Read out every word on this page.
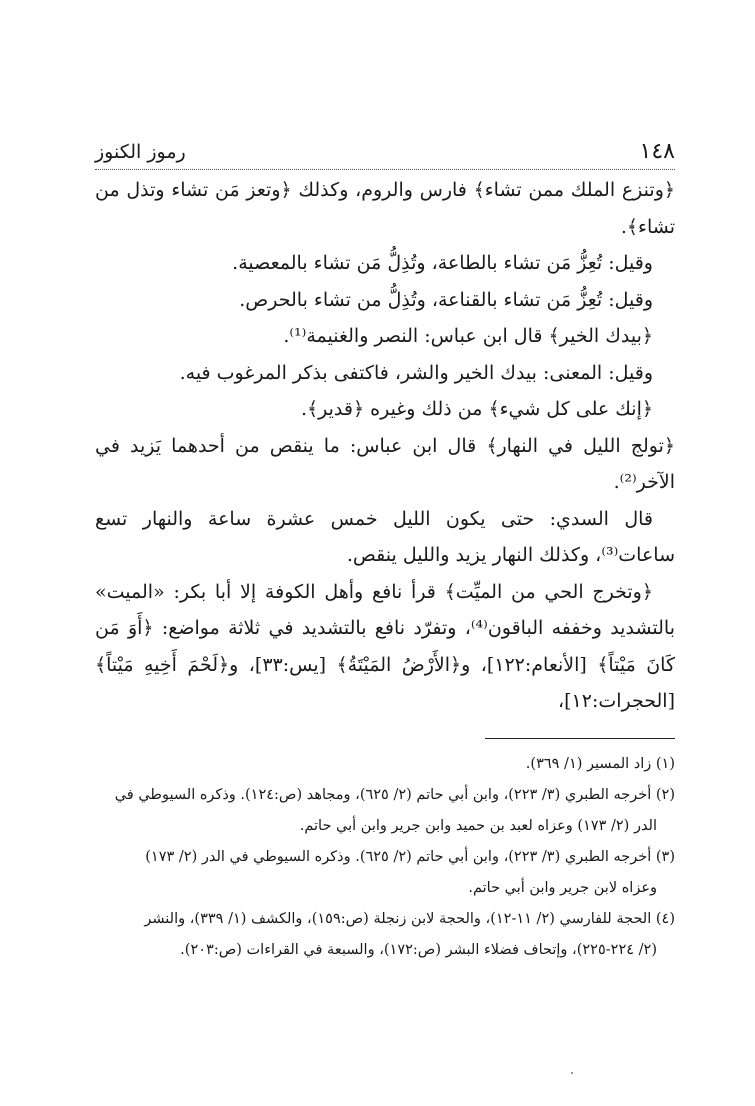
١٤٨
رموز الكنوز

﴿وتنزع الملك ممن تشاء﴾ فارس والروم، وكذلك ﴿وتعز مَن تشاء وتذل من تشاء﴾.

وقيل: تُعِزُّ مَن تشاء بالطاعة، وتُذِلُّ مَن تشاء بالمعصية.

وقيل: تُعِزُّ مَن تشاء بالقناعة، وتُذِلُّ من تشاء بالحرص.

﴿بيدك الخير﴾ قال ابن عباس: النصر والغنيمة⁽¹⁾.

وقيل: المعنى: بيدك الخير والشر، فاكتفى بذكر المرغوب فيه.

﴿إنك على كل شيء﴾ من ذلك وغيره ﴿قدير﴾.

﴿تولج الليل في النهار﴾ قال ابن عباس: ما ينقص من أحدهما يَزيد في الآخر⁽²⁾.

قال السدي: حتى يكون الليل خمس عشرة ساعة والنهار تسع ساعات⁽³⁾، وكذلك النهار يزيد والليل ينقص.

﴿وتخرج الحي من الميِّت﴾ قرأ نافع وأهل الكوفة إلا أبا بكر: «الميت» بالتشديد وخففه الباقون⁽⁴⁾، وتفرّد نافع بالتشديد في ثلاثة مواضع: ﴿أَوَ مَن كَانَ مَيْتاً﴾ [الأنعام:١٢٢]، و﴿الأَرْضُ المَيْتَةُ﴾ [يس:٣٣]، و﴿لَحْمَ أَخِيهِ مَيْتاً﴾ [الحجرات:١٢]،

(١) زاد المسير (١/ ٣٦٩).

(٢) أخرجه الطبري (٣/ ٢٢٣)، وابن أبي حاتم (٢/ ٦٢٥)، ومجاهد (ص:١٢٤). وذكره السيوطي في

الدر (٢/ ١٧٣) وعزاه لعبد بن حميد وابن جرير وابن أبي حاتم.

(٣) أخرجه الطبري (٣/ ٢٢٣)، وابن أبي حاتم (٢/ ٦٢٥). وذكره السيوطي في الدر (٢/ ١٧٣)

وعزاه لابن جرير وابن أبي حاتم.

(٤) الحجة للفارسي (٢/ ١١-١٢)، والحجة لابن زنجلة (ص:١٥٩)، والكشف (١/ ٣٣٩)، والنشر

(٢/ ٢٢٤-٢٢٥)، وإتحاف فضلاء البشر (ص:١٧٢)، والسبعة في القراءات (ص:٢٠٣).
